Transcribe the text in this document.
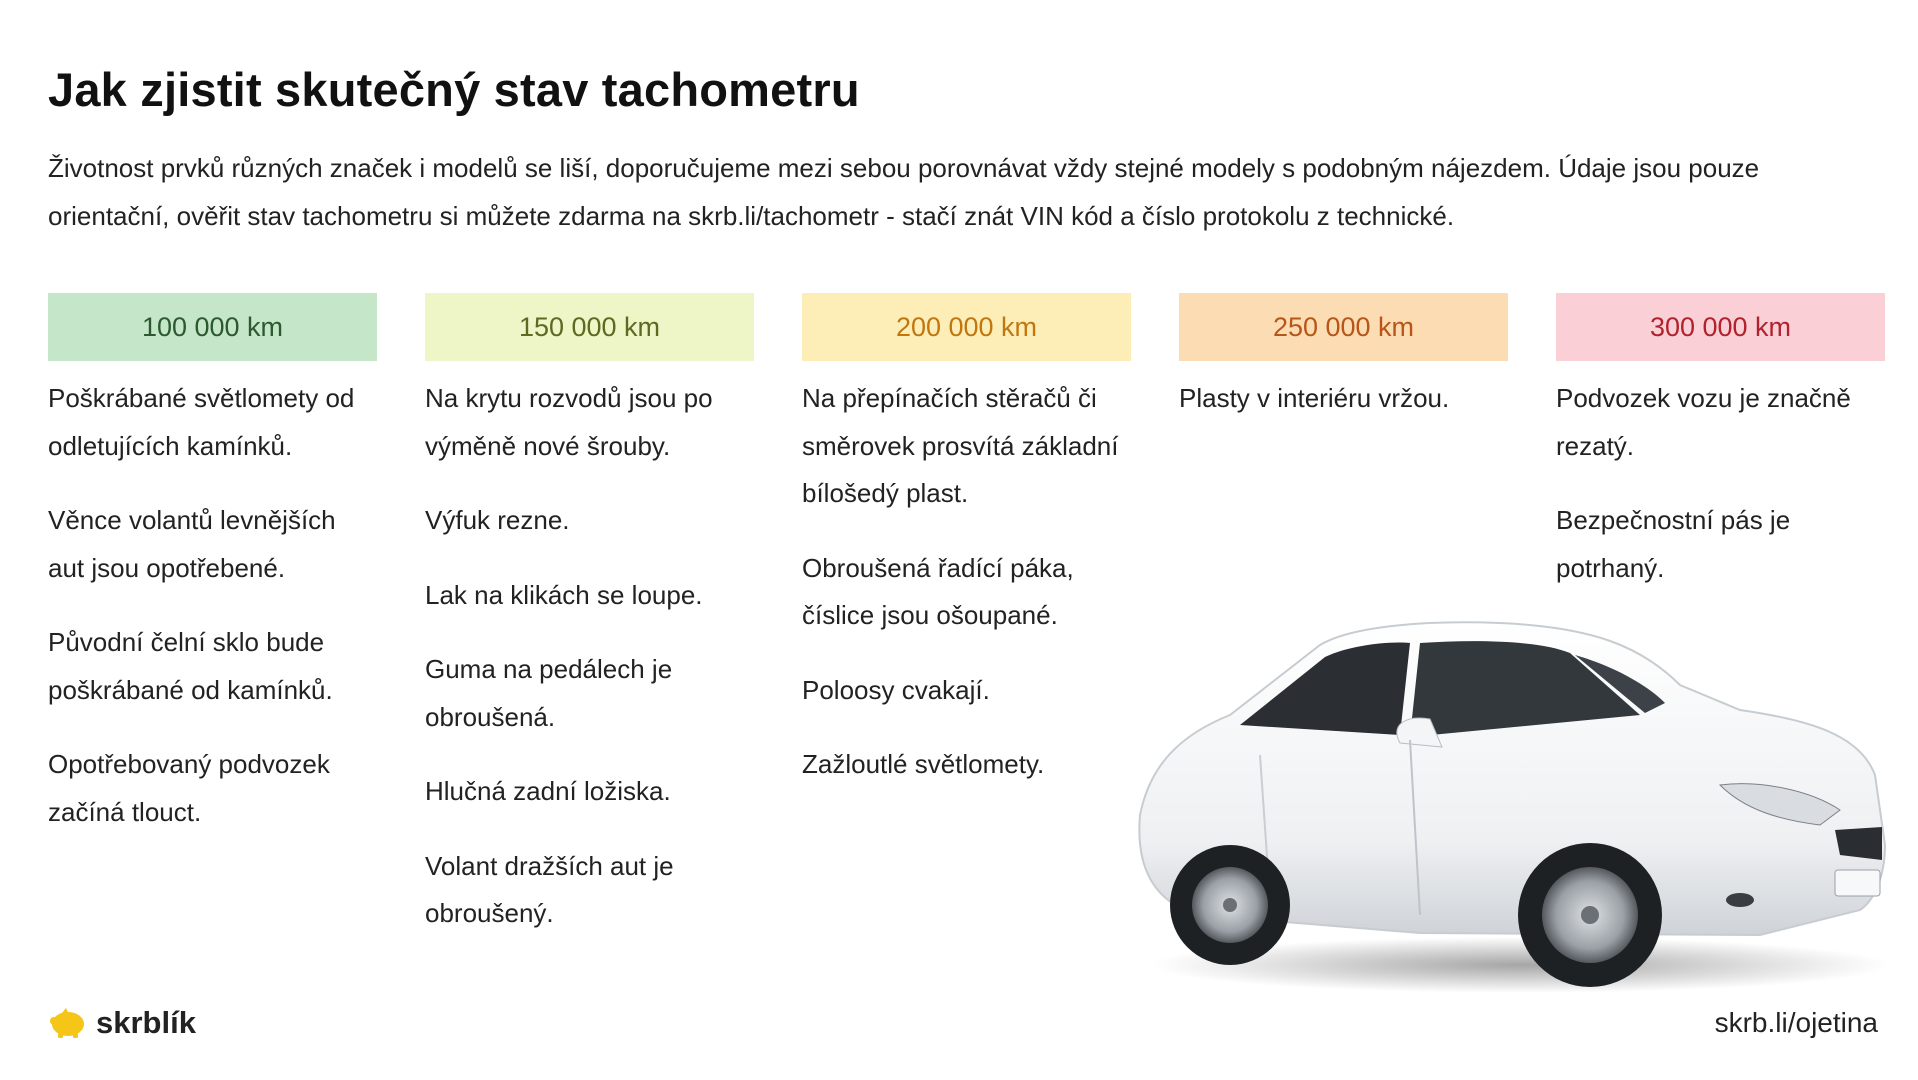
Jak zjistit skutečný stav tachometru

Životnost prvků různých značek i modelů se liší, doporučujeme mezi sebou porovnávat vždy stejné modely s podobným nájezdem. Údaje jsou pouze orientační, ověřit stav tachometru si můžete zdarma na skrb.li/tachometr - stačí znát VIN kód a číslo protokolu z technické.

100 000 km
Poškrábané světlomety od odletujících kamínků.
Věnce volantů levnějších aut jsou opotřebené.
Původní čelní sklo bude poškrábané od kamínků.
Opotřebovaný podvozek začíná tlouct.
150 000 km
Na krytu rozvodů jsou po výměně nové šrouby.
Výfuk rezne.
Lak na klikách se loupe.
Guma na pedálech je obroušená.
Hlučná zadní ložiska.
Volant dražších aut je obroušený.
200 000 km
Na přepínačích stěračů či směrovek prosvítá základní bílošedý plast.
Obroušená řadící páka, číslice jsou ošoupané.
Poloosy cvakají.
Zažloutlé světlomety.
250 000 km
Plasty v interiéru vržou.
300 000 km
Podvozek vozu je značně rezatý.
Bezpečnostní pás je potrhaný.
skrblík	skrb.li/ojetina
